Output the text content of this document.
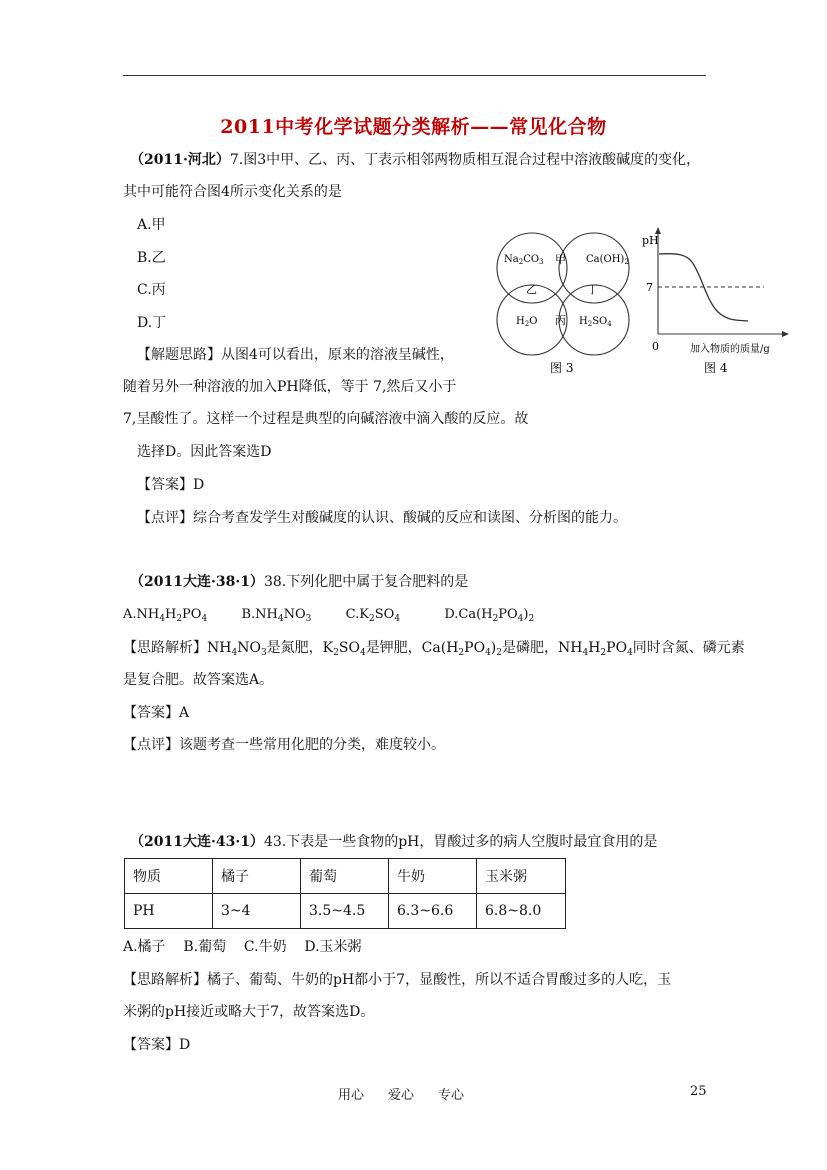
2011中考化学试题分类解析——常见化合物
（2011·河北）7.图3中甲、乙、丙、丁表示相邻两物质相互混合过程中溶液酸碱度的变化，
其中可能符合图4所示变化关系的是
A.甲
B.乙
C.丙
D.丁
【解题思路】从图4可以看出，原来的溶液呈碱性，
随着另外一种溶液的加入PH降低，等于 7,然后又小于
7,呈酸性了。这样一个过程是典型的向碱溶液中滴入酸的反应。故
选择D。因此答案选D
【答案】D
【点评】综合考查发学生对酸碱度的认识、酸碱的反应和读图、分析图的能力。
$Na_2CO_3$	$Ca(OH)_2$
$H_2O$	$H_2SO_4$
甲
乙	丁
丙
图 3
pH
7
0	加入物质的质量/g
图 4
（2011大连·38·1）38.下列化肥中属于复合肥料的是
$A.NH_4H_2PO_4$	$B.NH_4NO_3$	$C.K_2SO_4$	$D.Ca(H_2PO_4)_2$
【思路解析】$NH_4NO_3$是氮肥，$K_2SO_4$是钾肥，$Ca(H_2PO_4)_2$是磷肥，$NH_4H_2PO_4$同时含氮、磷元素
是复合肥。故答案选A。
【答案】A
【点评】该题考查一些常用化肥的分类，难度较小。
（2011大连·43·1）43.下表是一些食物的pH，胃酸过多的病人空腹时最宜食用的是
物质	橘子	葡萄	牛奶	玉米粥
PH	3~4	3.5~4.5	6.3~6.6	6.8~8.0
A.橘子    B.葡萄    C.牛奶    D.玉米粥
【思路解析】橘子、葡萄、牛奶的pH都小于7，显酸性，所以不适合胃酸过多的人吃，玉
米粥的pH接近或略大于7，故答案选D。
【答案】D
用心 爱心 专心	25
